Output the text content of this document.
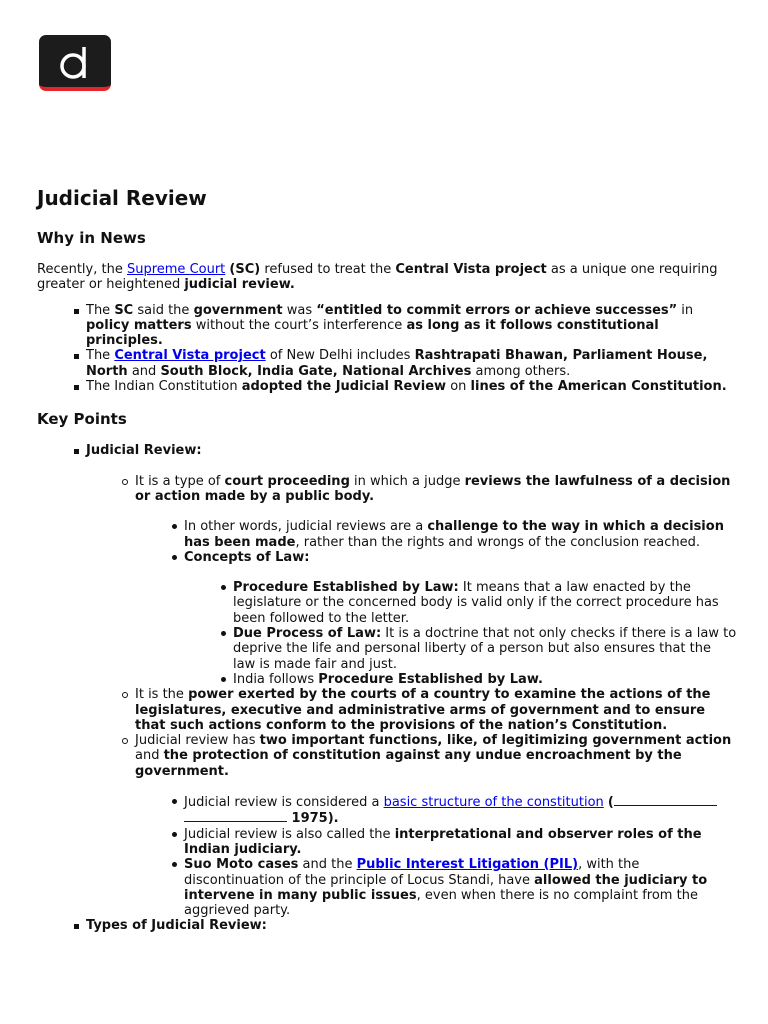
Judicial Review
Why in News

Recently, the Supreme Court (SC) refused to treat the Central Vista project as a unique one requiring greater or heightened judicial review.

The SC said the government was “entitled to commit errors or achieve successes” in policy matters without the court’s interference as long as it follows constitutional principles.
The Central Vista project of New Delhi includes Rashtrapati Bhawan, Parliament House, North and South Block, India Gate, National Archives among others.
The Indian Constitution adopted the Judicial Review on lines of the American Constitution.
Key Points
Judicial Review:
It is a type of court proceeding in which a judge reviews the lawfulness of a decision or action made by a public body.
In other words, judicial reviews are a challenge to the way in which a decision has been made, rather than the rights and wrongs of the conclusion reached.
Concepts of Law:
Procedure Established by Law: It means that a law enacted by the legislature or the concerned body is valid only if the correct procedure has been followed to the letter.
Due Process of Law: It is a doctrine that not only checks if there is a law to deprive the life and personal liberty of a person but also ensures that the law is made fair and just.
India follows Procedure Established by Law.
It is the power exerted by the courts of a country to examine the actions of the legislatures, executive and administrative arms of government and to ensure that such actions conform to the provisions of the nation’s Constitution.
Judicial review has two important functions, like, of legitimizing government action and the protection of constitution against any undue encroachment by the government.
Judicial review is considered a basic structure of the constitution (  1975).
Judicial review is also called the interpretational and observer roles of the Indian judiciary.
Suo Moto cases and the Public Interest Litigation (PIL), with the discontinuation of the principle of Locus Standi, have allowed the judiciary to intervene in many public issues, even when there is no complaint from the aggrieved party.
Types of Judicial Review:
